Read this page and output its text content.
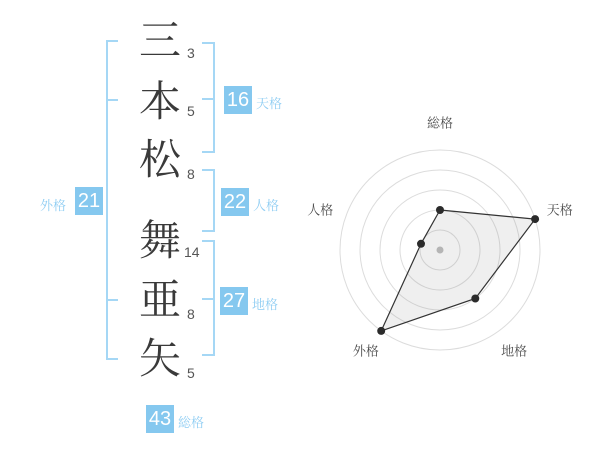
三
本
松
舞
亜
矢
3
5
8
14
8
5
16 天格
22 人格
27 地格
外格 21
43 総格
総格
天格
地格
外格
人格
